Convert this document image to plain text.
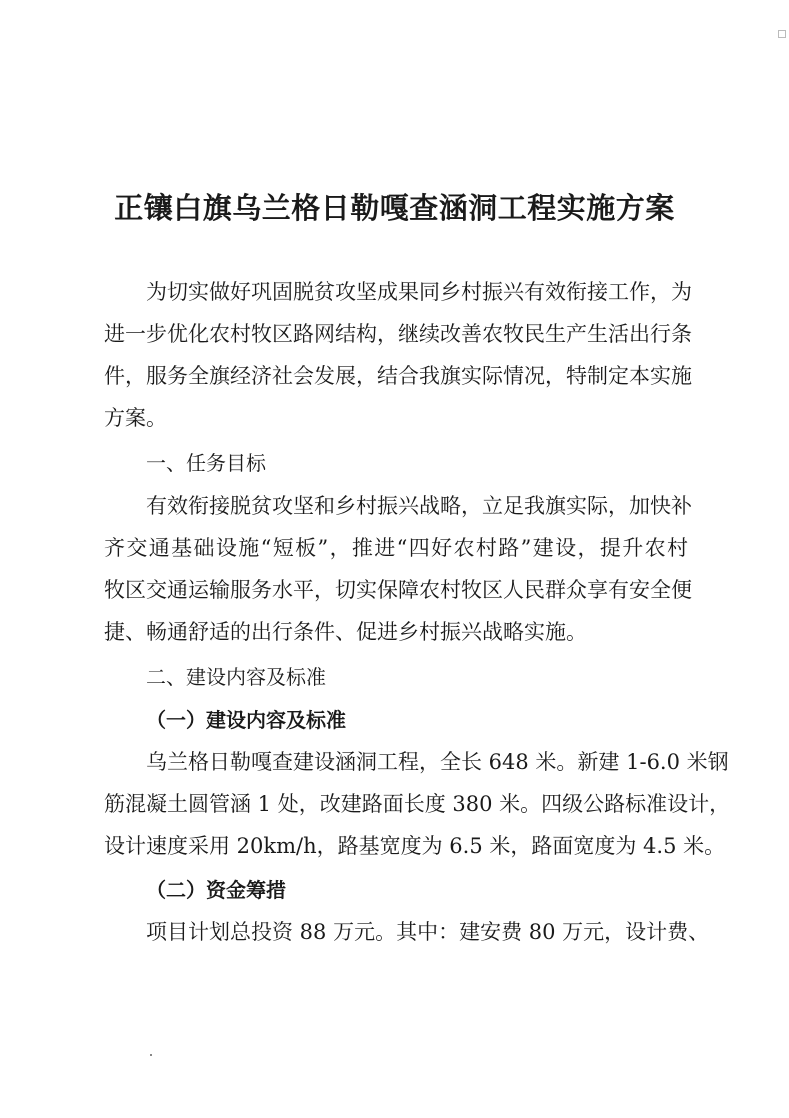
正镶白旗乌兰格日勒嘎查涵洞工程实施方案
为切实做好巩固脱贫攻坚成果同乡村振兴有效衔接工作，为
进一步优化农村牧区路网结构，继续改善农牧民生产生活出行条
件，服务全旗经济社会发展，结合我旗实际情况，特制定本实施
方案。
一、任务目标
有效衔接脱贫攻坚和乡村振兴战略，立足我旗实际，加快补
齐交通基础设施“短板”，推进“四好农村路”建设，提升农村
牧区交通运输服务水平，切实保障农村牧区人民群众享有安全便
捷、畅通舒适的出行条件、促进乡村振兴战略实施。
二、建设内容及标准
（一）建设内容及标准
乌兰格日勒嘎查建设涵洞工程，全长 648 米。新建 1-6.0 米钢
筋混凝土圆管涵 1 处，改建路面长度 380 米。四级公路标准设计，
设计速度采用 20km/h，路基宽度为 6.5 米，路面宽度为 4.5 米。
（二）资金筹措
项目计划总投资 88 万元。其中：建安费 80 万元，设计费、
